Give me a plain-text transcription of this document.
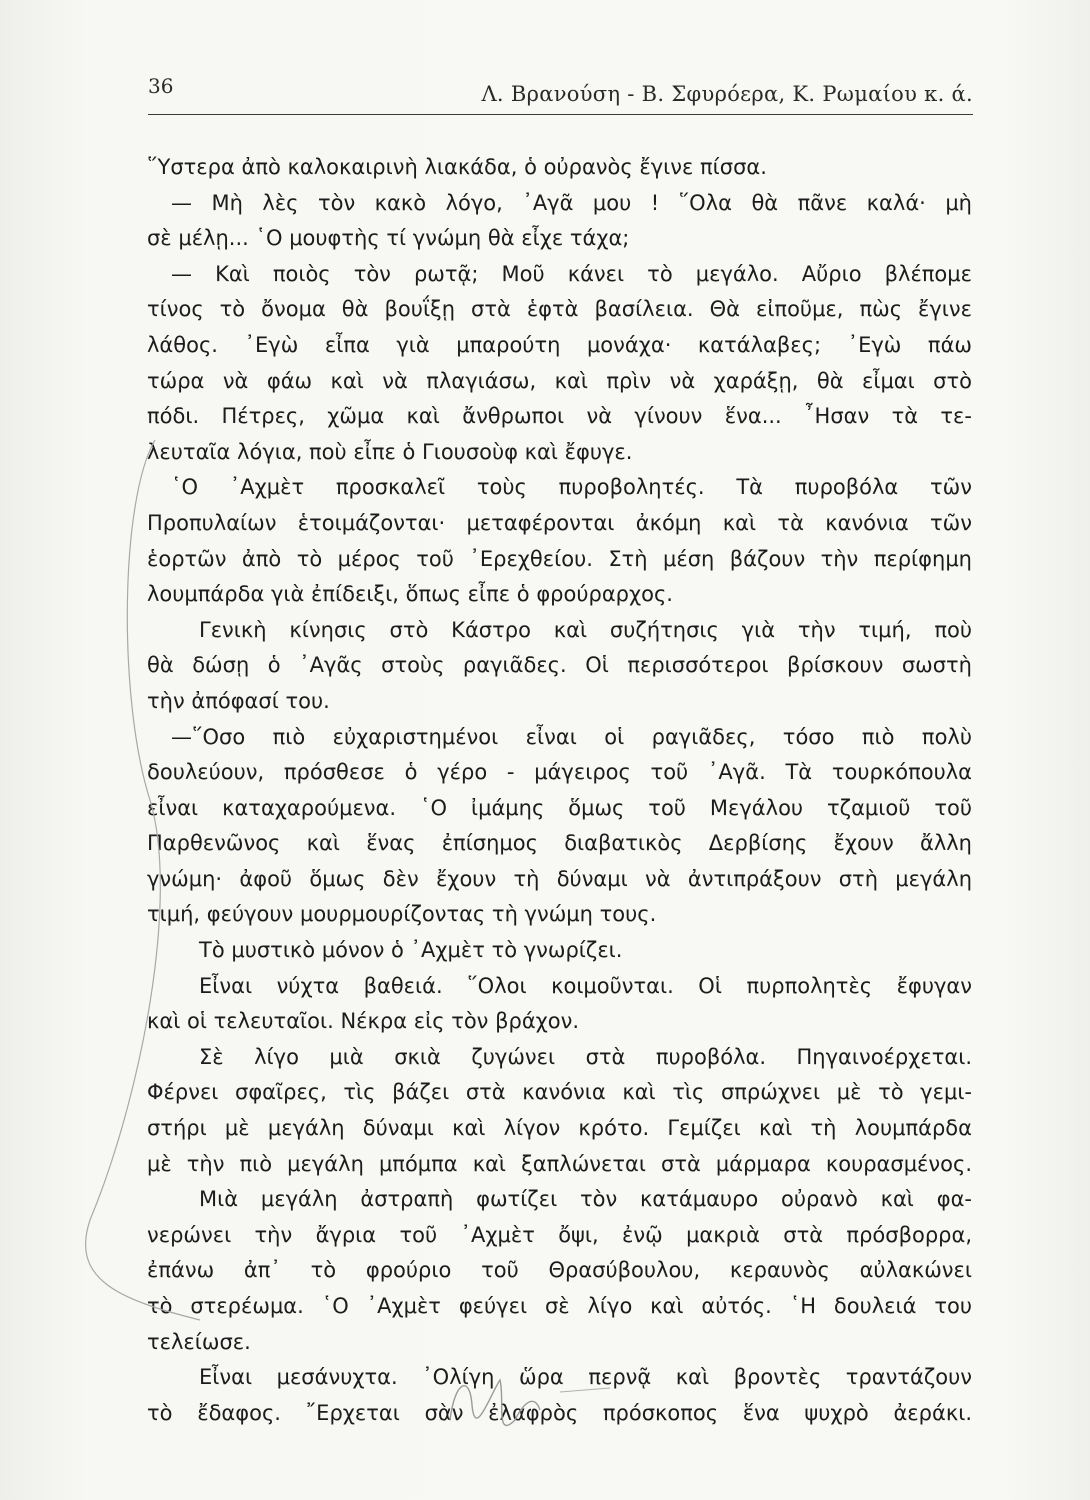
36	Λ. Βρανούση - Β. Σφυρόερα, Κ. Ρωμαίου κ. ά.
῞Υστερα ἀπὸ καλοκαιρινὴ λιακάδα, ὁ οὐρανὸς ἔγινε πίσσα.
— Μὴ λὲς τὸν κακὸ λόγο, ᾿Αγᾶ μου ! ῞Ολα θὰ πᾶνε καλά· μὴ
σὲ μέλῃ... ῾Ο μουφτὴς τί γνώμη θὰ εἶχε τάχα;
— Καὶ ποιὸς τὸν ρωτᾷ; Μοῦ κάνει τὸ μεγάλο. Αὔριο βλέπομε
τίνος τὸ ὄνομα θὰ βουΐξῃ στὰ ἑφτὰ βασίλεια. Θὰ εἰποῦμε, πὼς ἔγινε
λάθος. ᾿Εγὼ εἶπα γιὰ μπαρούτη μονάχα· κατάλαβες; ᾿Εγὼ πάω
τώρα νὰ φάω καὶ νὰ πλαγιάσω, καὶ πρὶν νὰ χαράξῃ, θὰ εἶμαι στὸ
πόδι. Πέτρες, χῶμα καὶ ἄνθρωποι νὰ γίνουν ἕνα... ῏Ησαν τὰ τε-
λευταῖα λόγια, ποὺ εἶπε ὁ Γιουσοὺφ καὶ ἔφυγε.
῾Ο ᾿Αχμὲτ προσκαλεῖ τοὺς πυροβολητές. Τὰ πυροβόλα τῶν
Προπυλαίων ἑτοιμάζονται· μεταφέρονται ἀκόμη καὶ τὰ κανόνια τῶν
ἑορτῶν ἀπὸ τὸ μέρος τοῦ ᾿Ερεχθείου. Στὴ μέση βάζουν τὴν περίφημη
λουμπάρδα γιὰ ἐπίδειξι, ὅπως εἶπε ὁ φρούραρχος.
Γενικὴ κίνησις στὸ Κάστρο καὶ συζήτησις γιὰ τὴν τιμή, ποὺ
θὰ δώσῃ ὁ ᾿Αγᾶς στοὺς ραγιᾶδες. Οἱ περισσότεροι βρίσκουν σωστὴ
τὴν ἀπόφασί του.
—῞Οσο πιὸ εὐχαριστημένοι εἶναι οἱ ραγιᾶδες, τόσο πιὸ πολὺ
δουλεύουν, πρόσθεσε ὁ γέρο - μάγειρος τοῦ ᾿Αγᾶ. Τὰ τουρκόπουλα
εἶναι καταχαρούμενα. ῾Ο ἰμάμης ὅμως τοῦ Μεγάλου τζαμιοῦ τοῦ
Παρθενῶνος καὶ ἕνας ἐπίσημος διαβατικὸς Δερβίσης ἔχουν ἄλλη
γνώμη· ἀφοῦ ὅμως δὲν ἔχουν τὴ δύναμι νὰ ἀντιπράξουν στὴ μεγάλη
τιμή, φεύγουν μουρμουρίζοντας τὴ γνώμη τους.
Τὸ μυστικὸ μόνον ὁ ᾿Αχμὲτ τὸ γνωρίζει.
Εἶναι νύχτα βαθειά. ῞Ολοι κοιμοῦνται. Οἱ πυρπολητὲς ἔφυγαν
καὶ οἱ τελευταῖοι. Νέκρα εἰς τὸν βράχον.
Σὲ λίγο μιὰ σκιὰ ζυγώνει στὰ πυροβόλα. Πηγαινοέρχεται.
Φέρνει σφαῖρες, τὶς βάζει στὰ κανόνια καὶ τὶς σπρώχνει μὲ τὸ γεμι-
στήρι μὲ μεγάλη δύναμι καὶ λίγον κρότο. Γεμίζει καὶ τὴ λουμπάρδα
μὲ τὴν πιὸ μεγάλη μπόμπα καὶ ξαπλώνεται στὰ μάρμαρα κουρασμένος.
Μιὰ μεγάλη ἀστραπὴ φωτίζει τὸν κατάμαυρο οὐρανὸ καὶ φα-
νερώνει τὴν ἄγρια τοῦ ᾿Αχμὲτ ὄψι, ἐνῷ μακριὰ στὰ πρόσβορρα,
ἐπάνω ἀπ᾿ τὸ φρούριο τοῦ Θρασύβουλου, κεραυνὸς αὐλακώνει
τὸ στερέωμα. ῾Ο ᾿Αχμὲτ φεύγει σὲ λίγο καὶ αὐτός. ῾Η δουλειά του
τελείωσε.
Εἶναι μεσάνυχτα. ᾿Ολίγη ὥρα περνᾷ καὶ βροντὲς τραντάζουν
τὸ ἔδαφος. ῎Ερχεται σὰν ἐλαφρὸς πρόσκοπος ἕνα ψυχρὸ ἀεράκι.
